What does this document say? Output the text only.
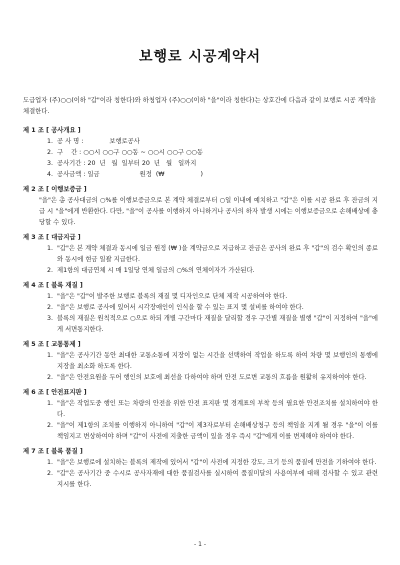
보행로 시공계약서

도급업자 (주)○○(이하 "갑"이라 칭한다)와 하청업자 (주)○○(이하 "을"이라 칭한다)는 상호간에 다음과 같이 보행로 시공 계약을 체결한다.

제 1 조 [ 공사개요 ]

1. 공 사 명 :             보행로공사
2. 구    간 : ○○시 ○○구 ○○동 ~ ○○시 ○○구 ○○동
3. 공사기간 : 20  년   월  일부터 20  년   월   일까지
4. 공사금액 : 일금                    원정  (₩                  )

제 2 조 [ 이행보증금 ]

"을"은 총 공사대금의 ○%를 이행보증금으로 본 계약 체결로부터 ○일 이내에 예치하고 "갑"은 이를 시공 완료 후 잔금의 지급 시 "을"에게 반환한다. 다만, "을"이 공사를 이행하지 아니하거나 공사의 하자 발생 시에는 이행보증금으로 손해배상에 충당할 수 있다.

제 3 조 [ 대금지급 ]

1. "갑"은 본 계약 체결과 동시에 일금 원정 (₩ )을 계약금으로 지급하고 잔금은 공사의 완료 후 "갑"의 검수 확인의 종료와 동시에 현금 일괄 지급한다.
2. 제1항의 대금연체 시 매 1일당 연체 일금의 ○%의 연체이자가 가산된다.

제 4 조 [ 블록 재질 ]

1. "을"은 "갑"이 발주한 보행로 블록의 재질 몇 디자인으로 단체 제작 시공하여야 한다.
2. "을"은 보행로 공사에 있어서 시각장애인이 인식을 할 수 있는 표지 몇 설비를 하여야 한다.
3. 블록의 재질은 원칙적으로 ○으로 하되 개별 구간마다 재질을 달리할 경우 구간별 재질을 별행 "갑"이 지정하여 "을"에게 서면통지한다.

제 5 조 [ 교통통제 ]

1. "을"은 공사기간 동안 최대한 교통소통에 지장이 없는 시간을 선택하여 작업을 하도록 하여 차량 몇 보행인의 통행에 지장을 최소화 하도록 한다.
2. "을"은 안전요원을 두어 행인의 보호에 최선을 다하여야 하며 안전 도로변 교통의 흐름을 원활히 유지하여야 한다.

제 6 조 [ 안전표지판 ]

1. "을"은 작업도중 행인 또는 차량의 안전을 위한 안전 표지판 몇 경계표의 부착 등의 필요한 안전조치를 설치하여야 한다.
2. "을"이 제1항의 조치를 이행하지 아니하여 "갑"이 제3자로부터 손해배상청구 등의 책임을 지게 될 경우 "을"이 이를 책임지고 변상하여야 하며 "갑"이 사전에 지출한 금액이 있을 경우 즉시 "갑"에게 이를 변제해야 하여야 한다.

제 7 조 [ 블록 품질 ]

1. "을"은 보행로에 설치하는 블록의 제작에 있어서 "갑"이 사전에 지정한 강도, 크기 등의 품질에 만전을 기하여야 한다.
2. "갑"은 공사기간 중 수시로 공사자재에 대한 품질검사를 실시하여 품질미달의 사용여부에 대해 검사할 수 있고 관련 지시를 한다.
- 1 -
